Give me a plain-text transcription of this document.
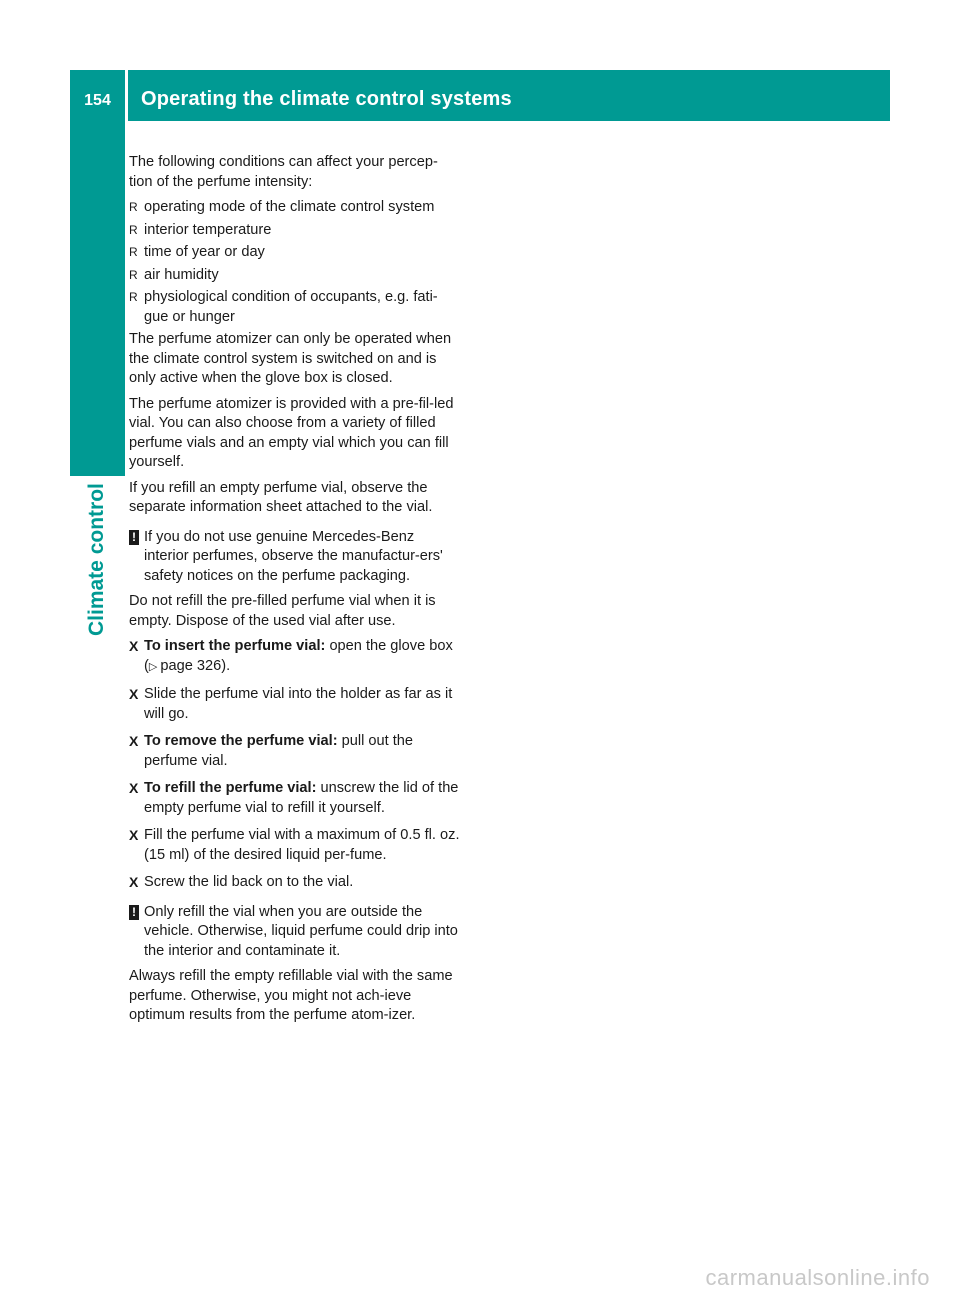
154 Operating the climate control systems
Climate control

The following conditions can affect your percep-tion of the perfume intensity:

R operating mode of the climate control system
R interior temperature
R time of year or day
R air humidity
R physiological condition of occupants, e.g. fati-gue or hunger

The perfume atomizer can only be operated when the climate control system is switched on and is only active when the glove box is closed.

The perfume atomizer is provided with a pre-fil-led vial. You can also choose from a variety of filled perfume vials and an empty vial which you can fill yourself.

If you refill an empty perfume vial, observe the separate information sheet attached to the vial.

! If you do not use genuine Mercedes-Benz interior perfumes, observe the manufactur-ers' safety notices on the perfume packaging.

Do not refill the pre-filled perfume vial when it is empty. Dispose of the used vial after use.

X To insert the perfume vial: open the glove box (▷ page 326).
X Slide the perfume vial into the holder as far as it will go.
X To remove the perfume vial: pull out the perfume vial.
X To refill the perfume vial: unscrew the lid of the empty perfume vial to refill it yourself.
X Fill the perfume vial with a maximum of 0.5 fl. oz. (15 ml) of the desired liquid per-fume.
X Screw the lid back on to the vial.
! Only refill the vial when you are outside the vehicle. Otherwise, liquid perfume could drip into the interior and contaminate it.

Always refill the empty refillable vial with the same perfume. Otherwise, you might not ach-ieve optimum results from the perfume atom-izer.

carmanualsonline.info
